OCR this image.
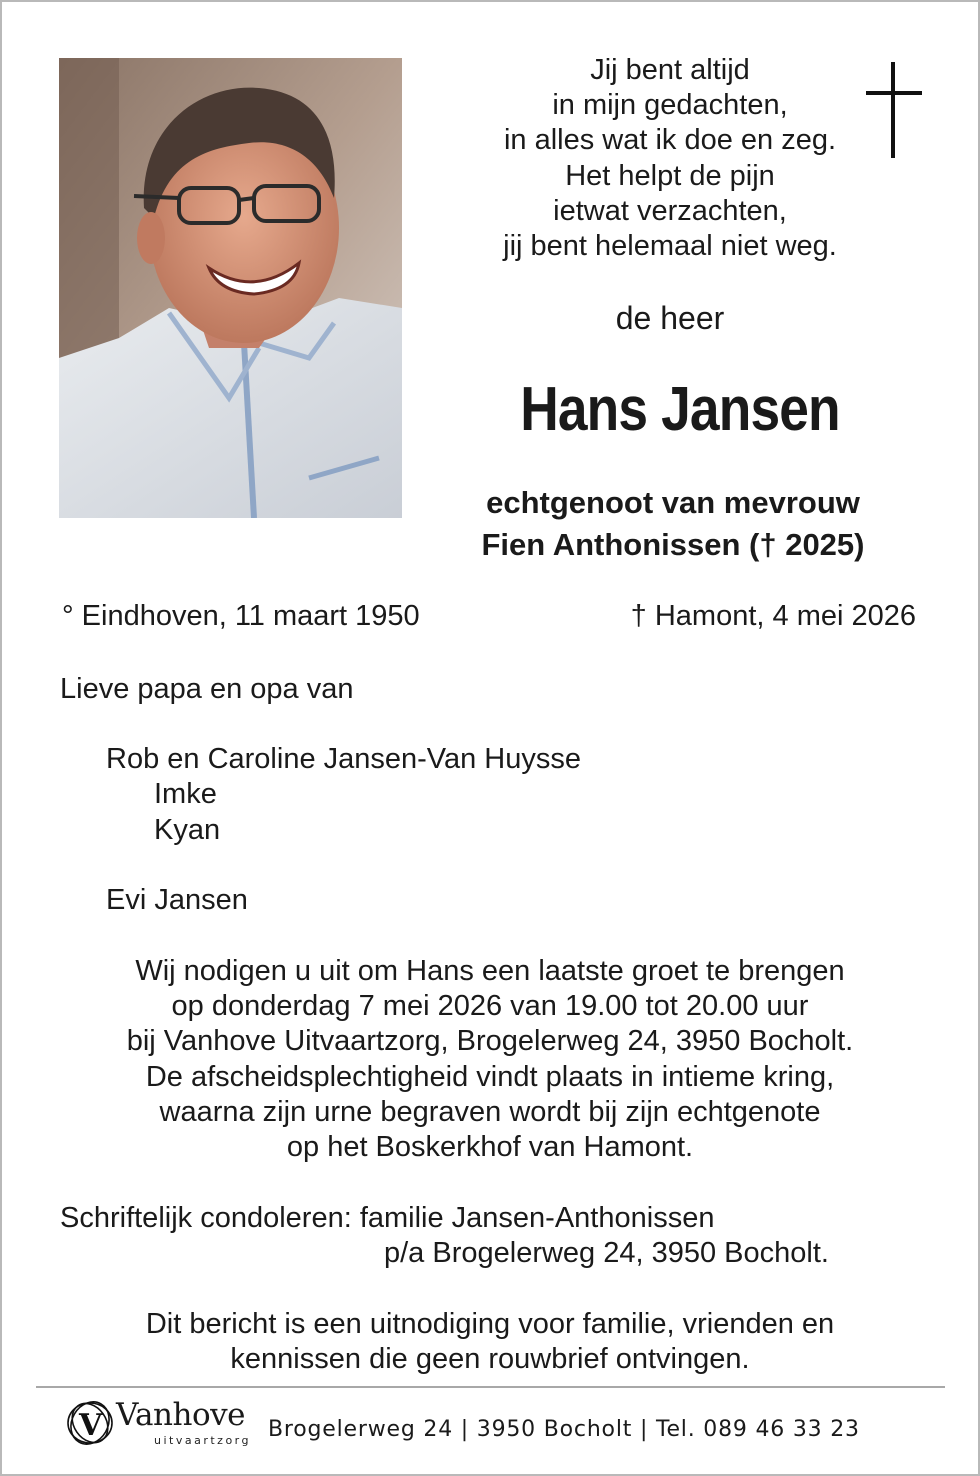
Jij bent altijd
in mijn gedachten,
in alles wat ik doe en zeg.
Het helpt de pijn
ietwat verzachten,
jij bent helemaal niet weg.
de heer
Hans Jansen
echtgenoot van mevrouw
Fien Anthonissen († 2025)
° Eindhoven, 11 maart 1950	† Hamont, 4 mei 2026
Lieve papa en opa van
Rob en Caroline Jansen-Van Huysse
Imke
Kyan
Evi Jansen
Wij nodigen u uit om Hans een laatste groet te brengen
op donderdag 7 mei 2026 van 19.00 tot 20.00 uur
bij Vanhove Uitvaartzorg, Brogelerweg 24, 3950 Bocholt.
De afscheidsplechtigheid vindt plaats in intieme kring,
waarna zijn urne begraven wordt bij zijn echtgenote
op het Boskerkhof van Hamont.
Schriftelijk condoleren: familie Jansen-Anthonissen
p/a Brogelerweg 24, 3950 Bocholt.
Dit bericht is een uitnodiging voor familie, vrienden en
kennissen die geen rouwbrief ontvingen.
V Vanhove
uitvaartzorg Brogelerweg 24 | 3950 Bocholt | Tel. 089 46 33 23
